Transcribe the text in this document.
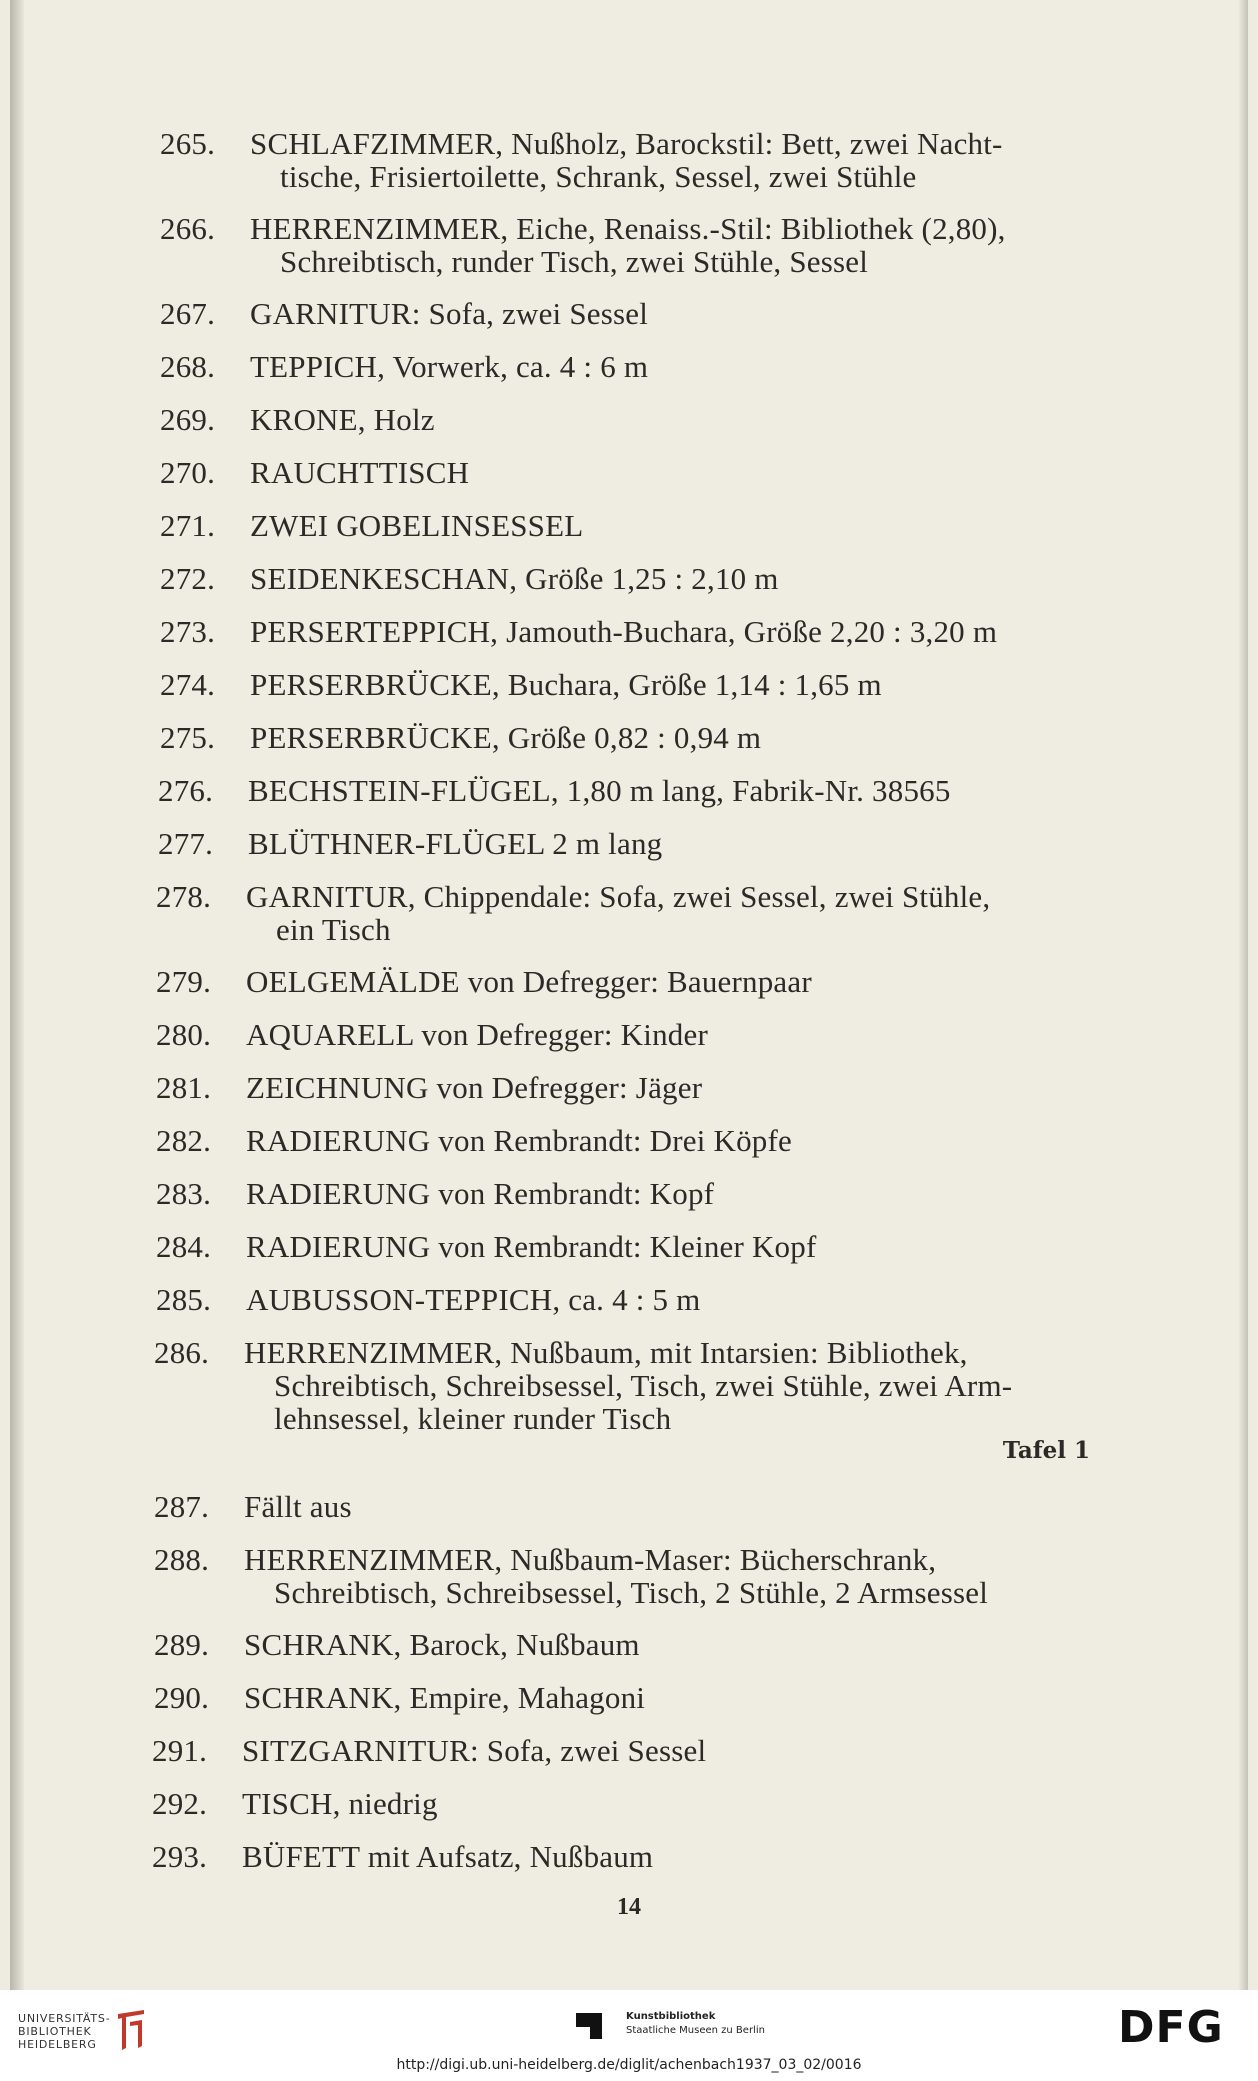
265.	SCHLAFZIMMER, Nußholz, Barockstil: Bett, zwei Nacht-
tische, Frisiertoilette, Schrank, Sessel, zwei Stühle
266.	HERRENZIMMER, Eiche, Renaiss.-Stil: Bibliothek (2,80),
Schreibtisch, runder Tisch, zwei Stühle, Sessel
267.	GARNITUR: Sofa, zwei Sessel
268.	TEPPICH, Vorwerk, ca. 4 : 6 m
269.	KRONE, Holz
270.	RAUCHTTISCH
271.	ZWEI GOBELINSESSEL
272.	SEIDENKESCHAN, Größe 1,25 : 2,10 m
273.	PERSERTEPPICH, Jamouth-Buchara, Größe 2,20 : 3,20 m
274.	PERSERBRÜCKE, Buchara, Größe 1,14 : 1,65 m
275.	PERSERBRÜCKE, Größe 0,82 : 0,94 m
276.	BECHSTEIN-FLÜGEL, 1,80 m lang, Fabrik-Nr. 38565
277.	BLÜTHNER-FLÜGEL 2 m lang
278.	GARNITUR, Chippendale: Sofa, zwei Sessel, zwei Stühle,
ein Tisch
279.	OELGEMÄLDE von Defregger: Bauernpaar
280.	AQUARELL von Defregger: Kinder
281.	ZEICHNUNG von Defregger: Jäger
282.	RADIERUNG von Rembrandt: Drei Köpfe
283.	RADIERUNG von Rembrandt: Kopf
284.	RADIERUNG von Rembrandt: Kleiner Kopf
285.	AUBUSSON-TEPPICH, ca. 4 : 5 m
286.	HERRENZIMMER, Nußbaum, mit Intarsien: Bibliothek,
Schreibtisch, Schreibsessel, Tisch, zwei Stühle, zwei Arm-
lehnsessel, kleiner runder Tisch
287.	Fällt aus
288.	HERRENZIMMER, Nußbaum-Maser: Bücherschrank,
Schreibtisch, Schreibsessel, Tisch, 2 Stühle, 2 Armsessel
289.	SCHRANK, Barock, Nußbaum
290.	SCHRANK, Empire, Mahagoni
291.	SITZGARNITUR: Sofa, zwei Sessel
292.	TISCH, niedrig
293.	BÜFETT mit Aufsatz, Nußbaum
Tafel 1
14
UNIVERSITÄTS-
BIBLIOTHEK
HEIDELBERG
Kunstbibliothek
Staatliche Museen zu Berlin	DFG
http://digi.ub.uni-heidelberg.de/diglit/achenbach1937_03_02/0016
